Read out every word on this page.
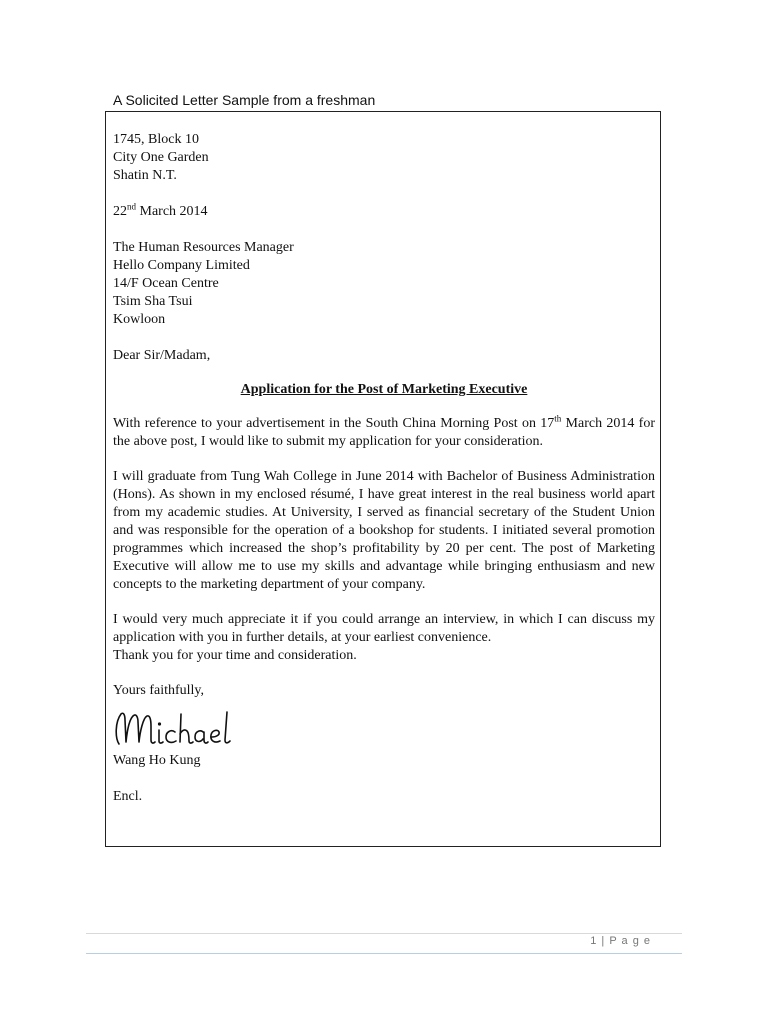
A Solicited Letter Sample from a freshman
1745, Block 10
City One Garden
Shatin N.T.
22nd March 2014
The Human Resources Manager
Hello Company Limited
14/F Ocean Centre
Tsim Sha Tsui
Kowloon
Dear Sir/Madam,
Application for the Post of Marketing Executive

With reference to your advertisement in the South China Morning Post on 17th March 2014 for the above post, I would like to submit my application for your consideration.

I will graduate from Tung Wah College in June 2014 with Bachelor of Business Administration (Hons). As shown in my enclosed résumé, I have great interest in the real business world apart from my academic studies. At University, I served as financial secretary of the Student Union and was responsible for the operation of a bookshop for students. I initiated several promotion programmes which increased the shop’s profitability by 20 per cent. The post of Marketing Executive will allow me to use my skills and advantage while bringing enthusiasm and new concepts to the marketing department of your company.

I would very much appreciate it if you could arrange an interview, in which I can discuss my application with you in further details, at your earliest convenience.

Thank you for your time and consideration.

Yours faithfully,
Wang Ho Kung
Encl.
1 | P a g e
